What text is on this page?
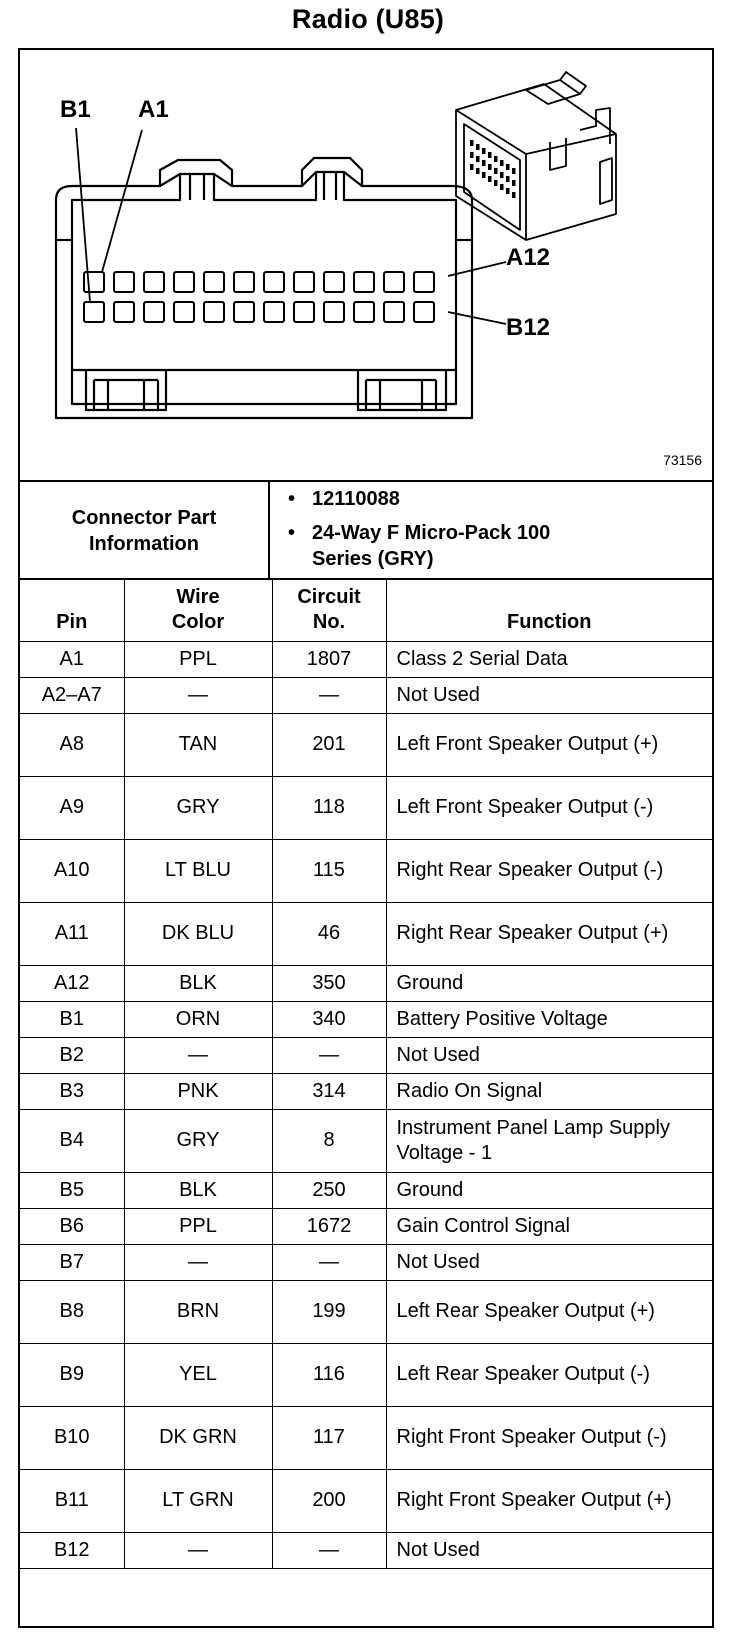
Radio (U85)
B1 A1
A12
B12
73156
Connector Part Information
• 12110088
• 24-Way F Micro-Pack 100 Series (GRY)
Pin	Wire Color	Circuit No.	Function
A1	PPL	1807	Class 2 Serial Data
A2–A7	—	—	Not Used
A8	TAN	201	Left Front Speaker Output (+)
A9	GRY	118	Left Front Speaker Output (-)
A10	LT BLU	115	Right Rear Speaker Output (-)
A11	DK BLU	46	Right Rear Speaker Output (+)
A12	BLK	350	Ground
B1	ORN	340	Battery Positive Voltage
B2	—	—	Not Used
B3	PNK	314	Radio On Signal
B4	GRY	8	Instrument Panel Lamp Supply Voltage - 1
B5	BLK	250	Ground
B6	PPL	1672	Gain Control Signal
B7	—	—	Not Used
B8	BRN	199	Left Rear Speaker Output (+)
B9	YEL	116	Left Rear Speaker Output (-)
B10	DK GRN	117	Right Front Speaker Output (-)
B11	LT GRN	200	Right Front Speaker Output (+)
B12	—	—	Not Used
